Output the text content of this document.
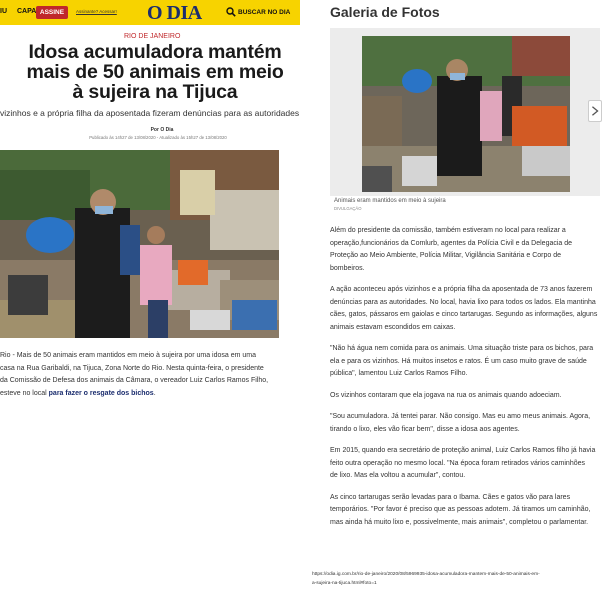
IU CAPA ASSINE	Assinante? Acessar! O DIA	BUSCAR NO DIA
RIO DE JANEIRO
Idosa acumuladora mantém
mais de 50 animais em meio
à sujeira na Tijuca
vizinhos e a própria filha da aposentada fizeram denúncias para as autoridades
Por O Dia
Publicado às 14h27 de 13/08/2020 - Atualizado às 15h27 de 13/08/2020

Rio - Mais de 50 animais eram mantidos em meio à sujeira por uma idosa em uma

casa na Rua Garibaldi, na Tijuca, Zona Norte do Rio. Nesta quinta-feira, o presidente

da Comissão de Defesa dos animais da Câmara, o vereador Luiz Carlos Ramos Filho,

esteve no local para fazer o resgate dos bichos.

Galeria de Fotos
Animais eram mantidos em meio à sujeira
DIVULGAÇÃO

Além do presidente da comissão, também estiveram no local para realizar a
operação,funcionários da Comlurb, agentes da Polícia Civil e da Delegacia de
Proteção ao Meio Ambiente, Polícia Militar, Vigilância Sanitária e Corpo de
bombeiros.

A ação aconteceu após vizinhos e a própria filha da aposentada de 73 anos fazerem
denúncias para as autoridades. No local, havia lixo para todos os lados. Ela mantinha
cães, gatos, pássaros em gaiolas e cinco tartarugas. Segundo as informações, alguns
animais estavam escondidos em caixas.

"Não há água nem comida para os animais. Uma situação triste para os bichos, para
ela e para os vizinhos. Há muitos insetos e ratos. É um caso muito grave de saúde
pública", lamentou Luiz Carlos Ramos Filho.

Os vizinhos contaram que ela jogava na rua os animais quando adoeciam.

"Sou acumuladora. Já tentei parar. Não consigo. Mas eu amo meus animais. Agora,
tirando o lixo, eles vão ficar bem", disse a idosa aos agentes.

Em 2015, quando era secretário de proteção animal, Luiz Carlos Ramos filho já havia
feito outra operação no mesmo local. "Na época foram retirados vários caminhões
de lixo. Mas ela voltou a acumular", contou.

As cinco tartarugas serão levadas para o Ibama. Cães e gatos vão para lares
temporários. "Por favor é preciso que as pessoas adotem. Já tiramos um caminhão,
mas ainda há muito lixo e, possivelmente, mais animais", completou o parlamentar.

https://odia.ig.com.br/rio-de-janeiro/2020/08/5969935-idosa-acumuladora-mantem-mais-de-50-animais-em-
a-sujeira-na-tijuca.html#foto=1
